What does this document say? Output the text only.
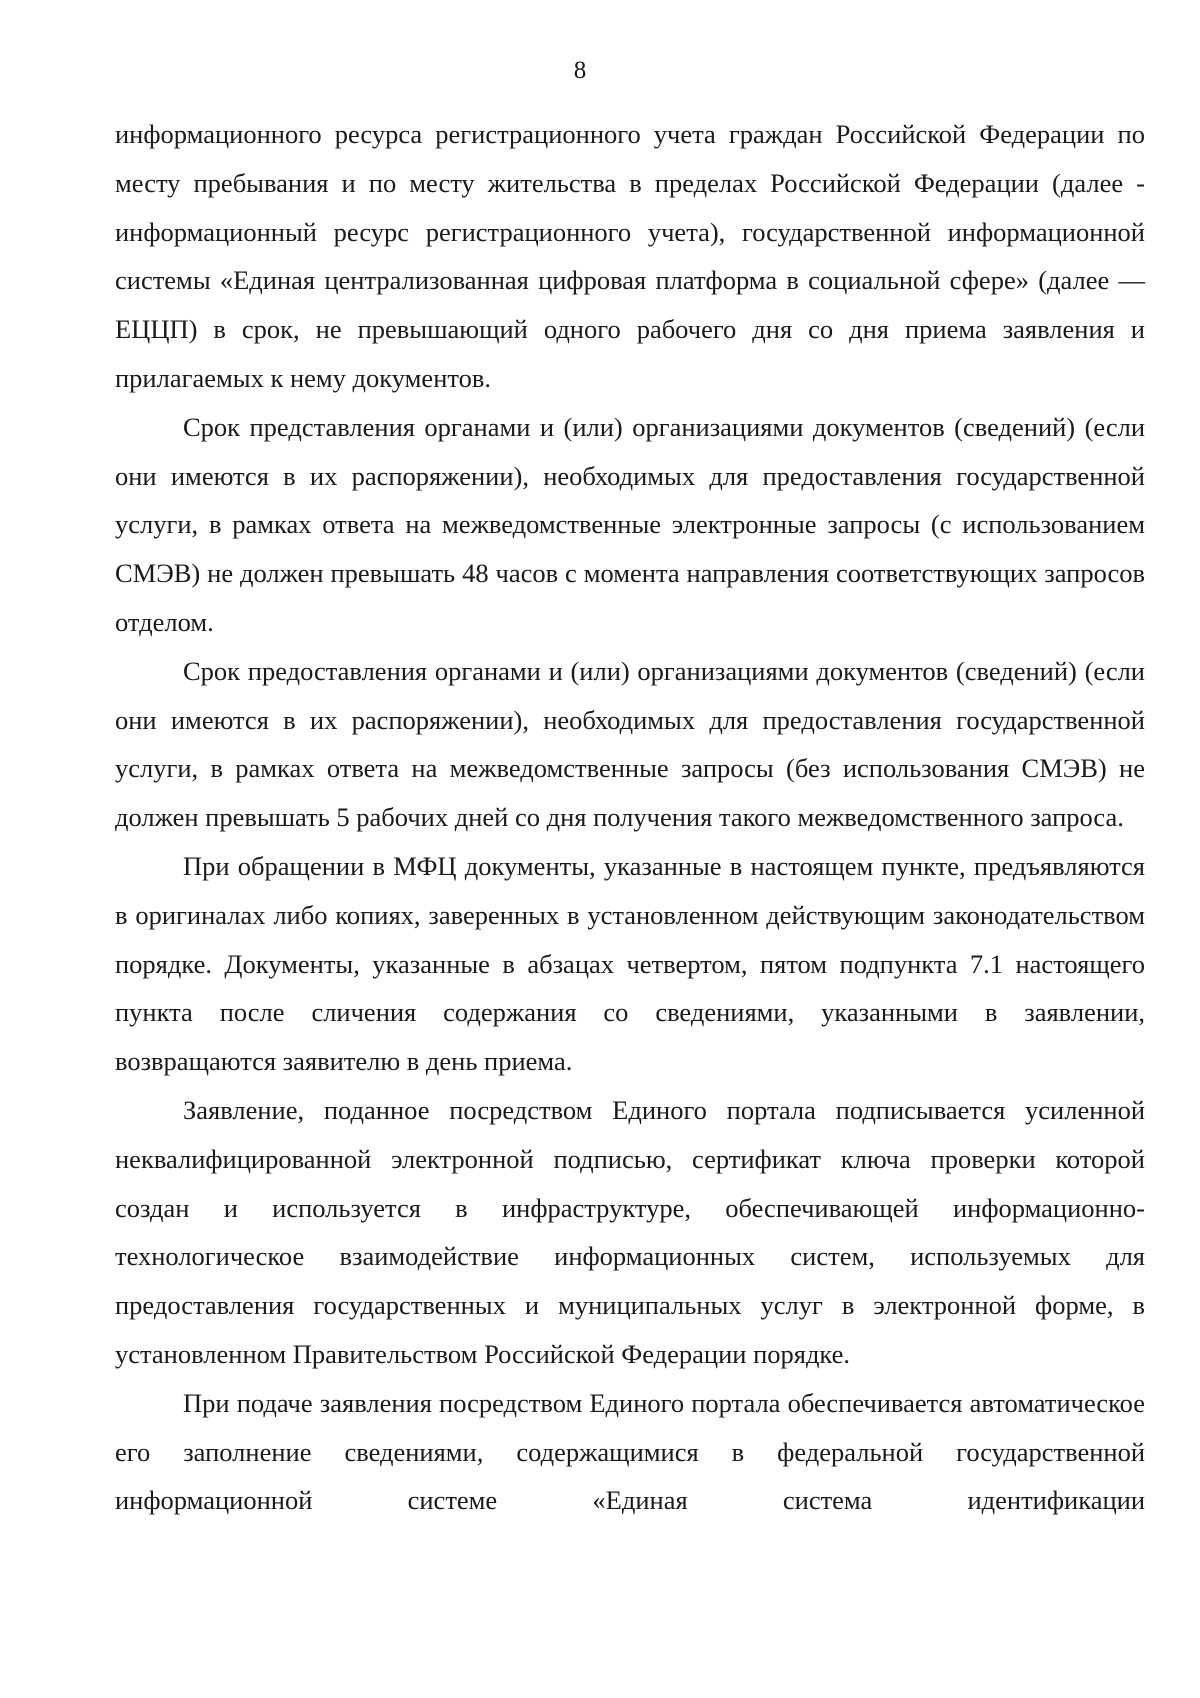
8

информационного ресурса регистрационного учета граждан Российской Федерации по месту пребывания и по месту жительства в пределах Российской Федерации (далее - информационный ресурс регистрационного учета), государственной информационной системы «Единая централизованная цифровая платформа в социальной сфере» (далее — ЕЦЦП) в срок, не превышающий одного рабочего дня со дня приема заявления и прилагаемых к нему документов.

Срок представления органами и (или) организациями документов (сведений) (если они имеются в их распоряжении), необходимых для предоставления государственной услуги, в рамках ответа на межведомственные электронные запросы (с использованием СМЭВ) не должен превышать 48 часов с момента направления соответствующих запросов отделом.

Срок предоставления органами и (или) организациями документов (сведений) (если они имеются в их распоряжении), необходимых для предоставления государственной услуги, в рамках ответа на межведомственные запросы (без использования СМЭВ) не должен превышать 5 рабочих дней со дня получения такого межведомственного запроса.

При обращении в МФЦ документы, указанные в настоящем пункте, предъявляются в оригиналах либо копиях, заверенных в установленном действующим законодательством порядке. Документы, указанные в абзацах четвертом, пятом подпункта 7.1 настоящего пункта после сличения содержания со сведениями, указанными в заявлении, возвращаются заявителю в день приема.

Заявление, поданное посредством Единого портала подписывается усиленной неквалифицированной электронной подписью, сертификат ключа проверки которой создан и используется в инфраструктуре, обеспечивающей информационно-технологическое взаимодействие информационных систем, используемых для предоставления государственных и муниципальных услуг в электронной форме, в установленном Правительством Российской Федерации порядке.

При подаче заявления посредством Единого портала обеспечивается автоматическое его заполнение сведениями, содержащимися в федеральной государственной информационной системе «Единая система идентификации
